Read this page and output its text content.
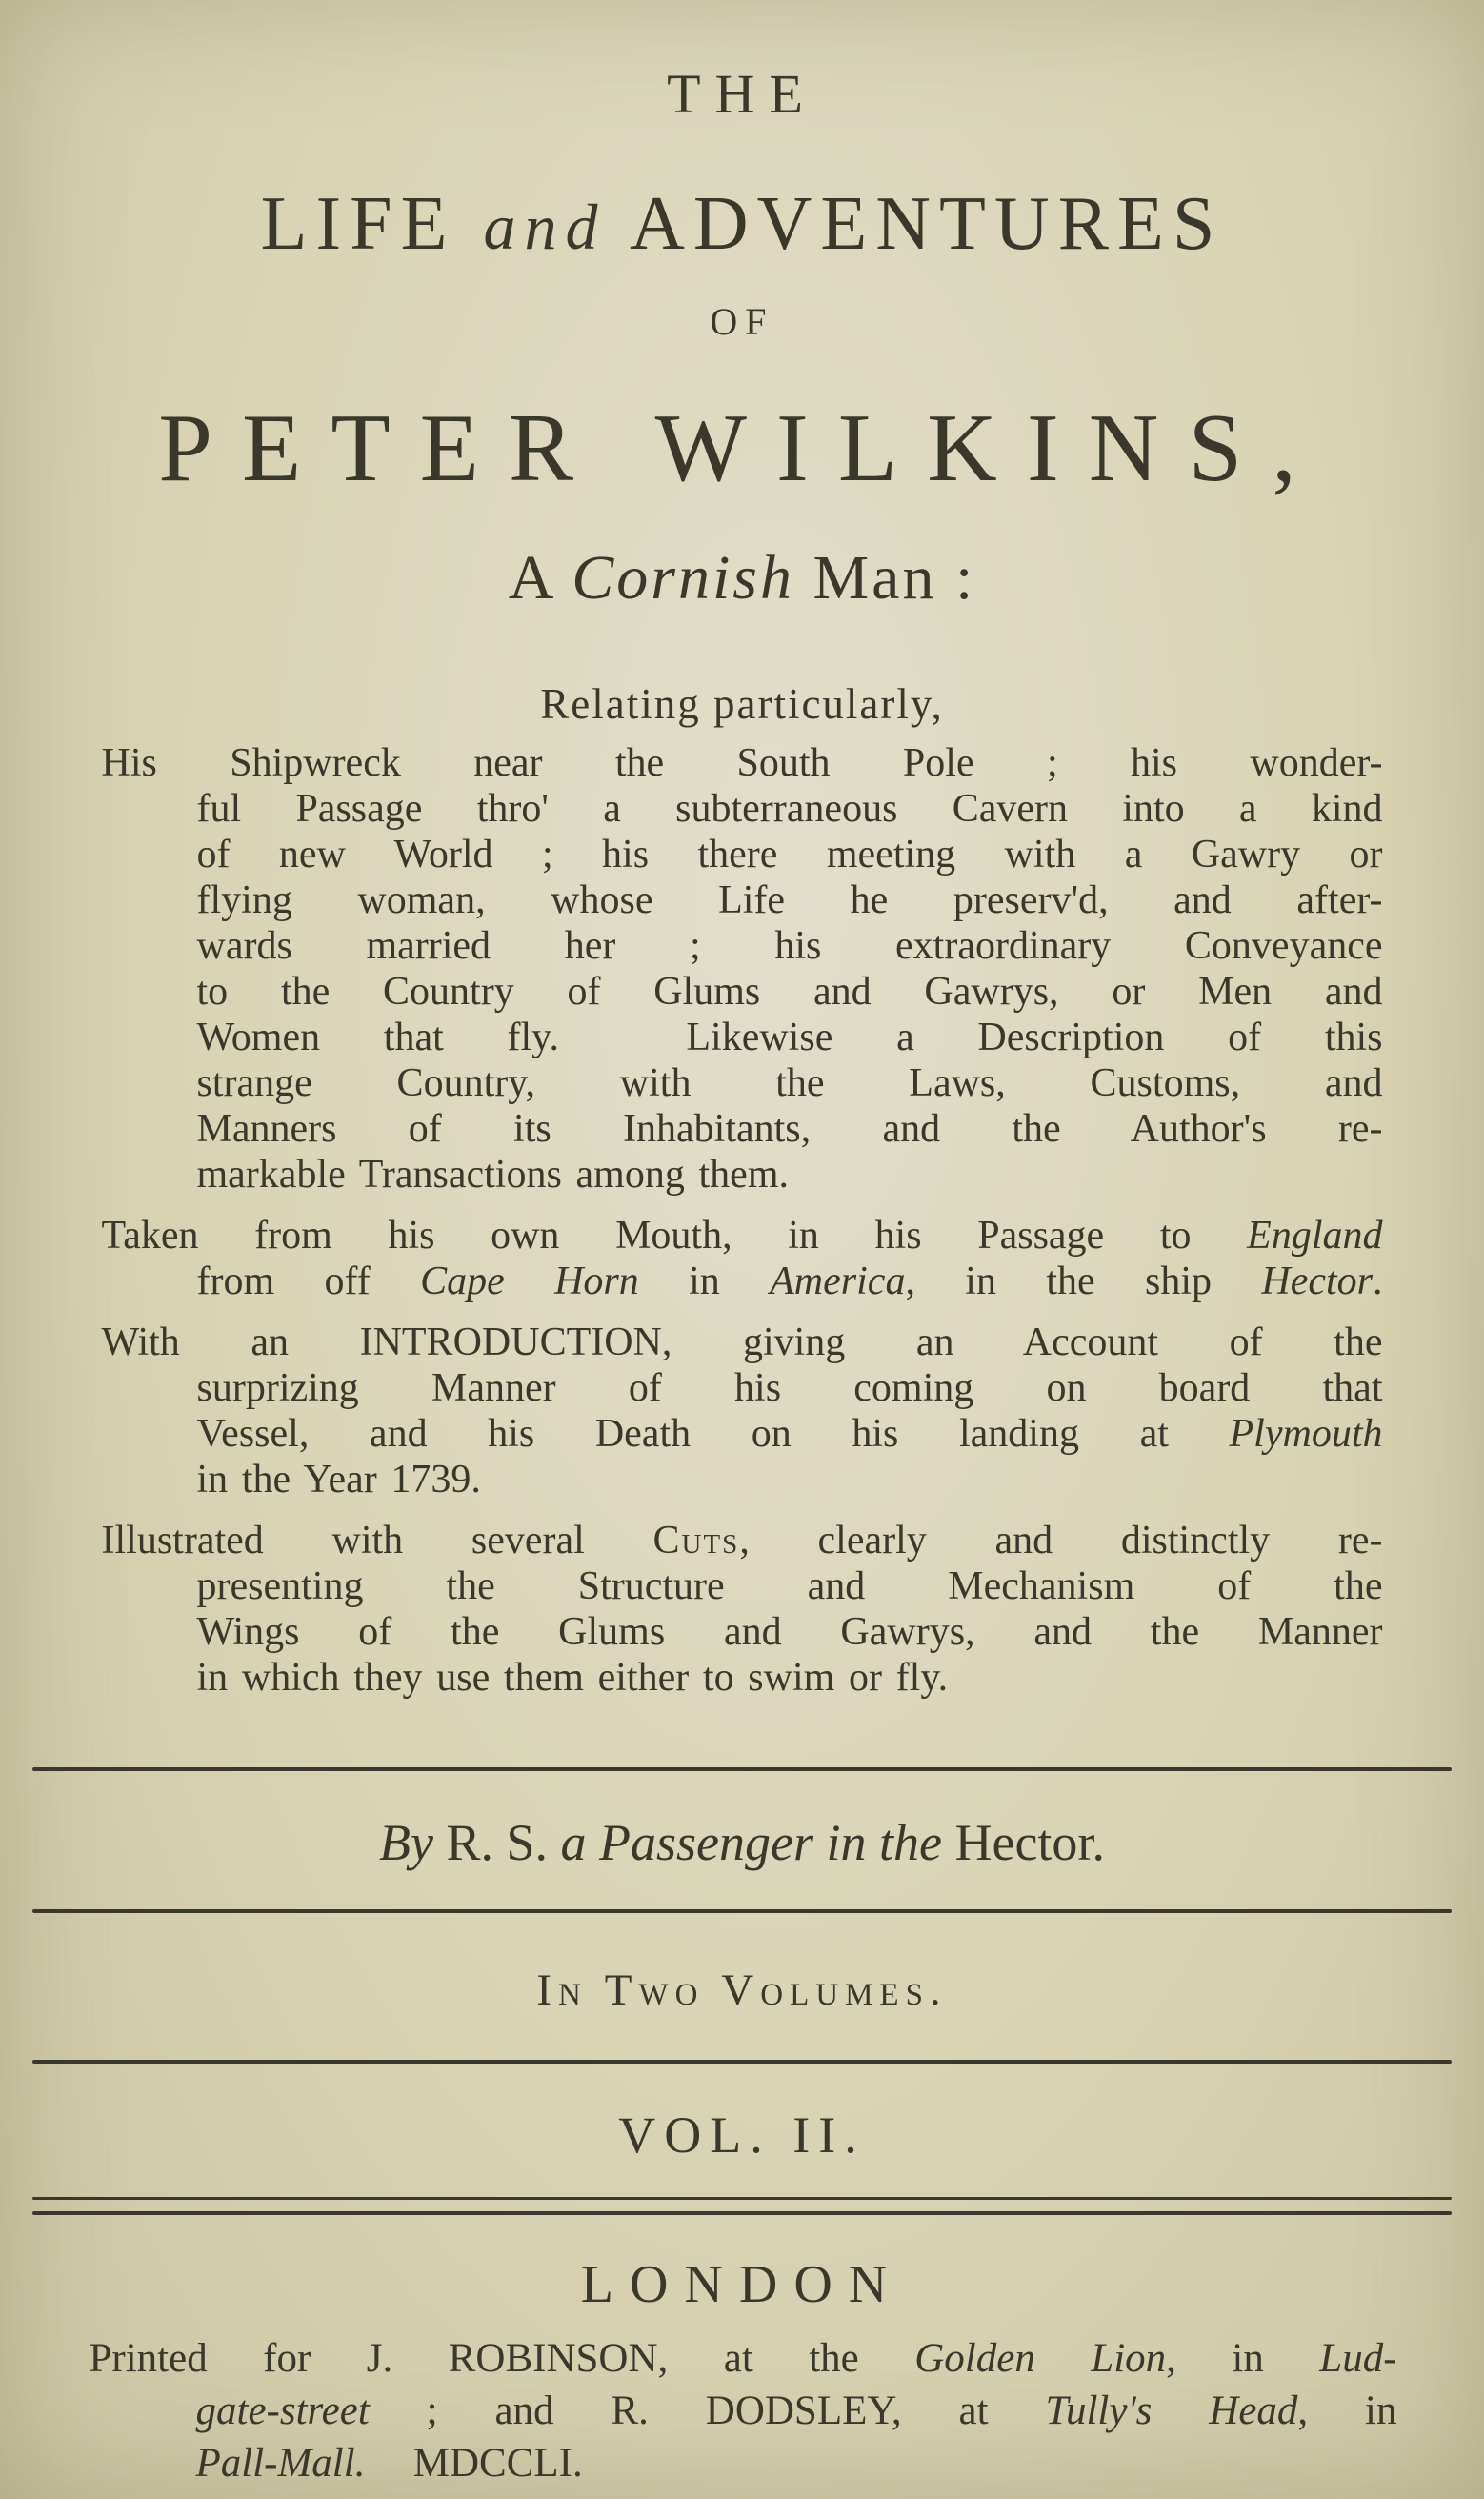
THE
LIFE and ADVENTURES
OF
PETER WILKINS,
A Cornish Man :
Relating particularly,
His Shipwreck near the South Pole ; his wonder-
ful Passage thro' a subterraneous Cavern into a kind
of new World ; his there meeting with a Gawry or
flying woman, whose Life he preserv'd, and after-
wards married her ; his extraordinary Conveyance
to the Country of Glums and Gawrys, or Men and
Women that fly.  Likewise a Description of this
strange Country, with the Laws, Customs, and
Manners of its Inhabitants, and the Author's re-
markable Transactions among them.
Taken from his own Mouth, in his Passage to England
from off Cape Horn in America, in the ship Hector.
With an INTRODUCTION, giving an Account of the
surprizing Manner of his coming on board that
Vessel, and his Death on his landing at Plymouth
in the Year 1739.
Illustrated with several Cuts, clearly and distinctly re-
presenting the Structure and Mechanism of the
Wings of the Glums and Gawrys, and the Manner
in which they use them either to swim or fly.
By R. S. a Passenger in the Hector.
In Two Volumes.
VOL. II.
LONDON
Printed for J. ROBINSON, at the Golden Lion, in Lud-
gate-street ; and R. DODSLEY, at Tully's Head, in
Pall-Mall.   MDCCLI.
